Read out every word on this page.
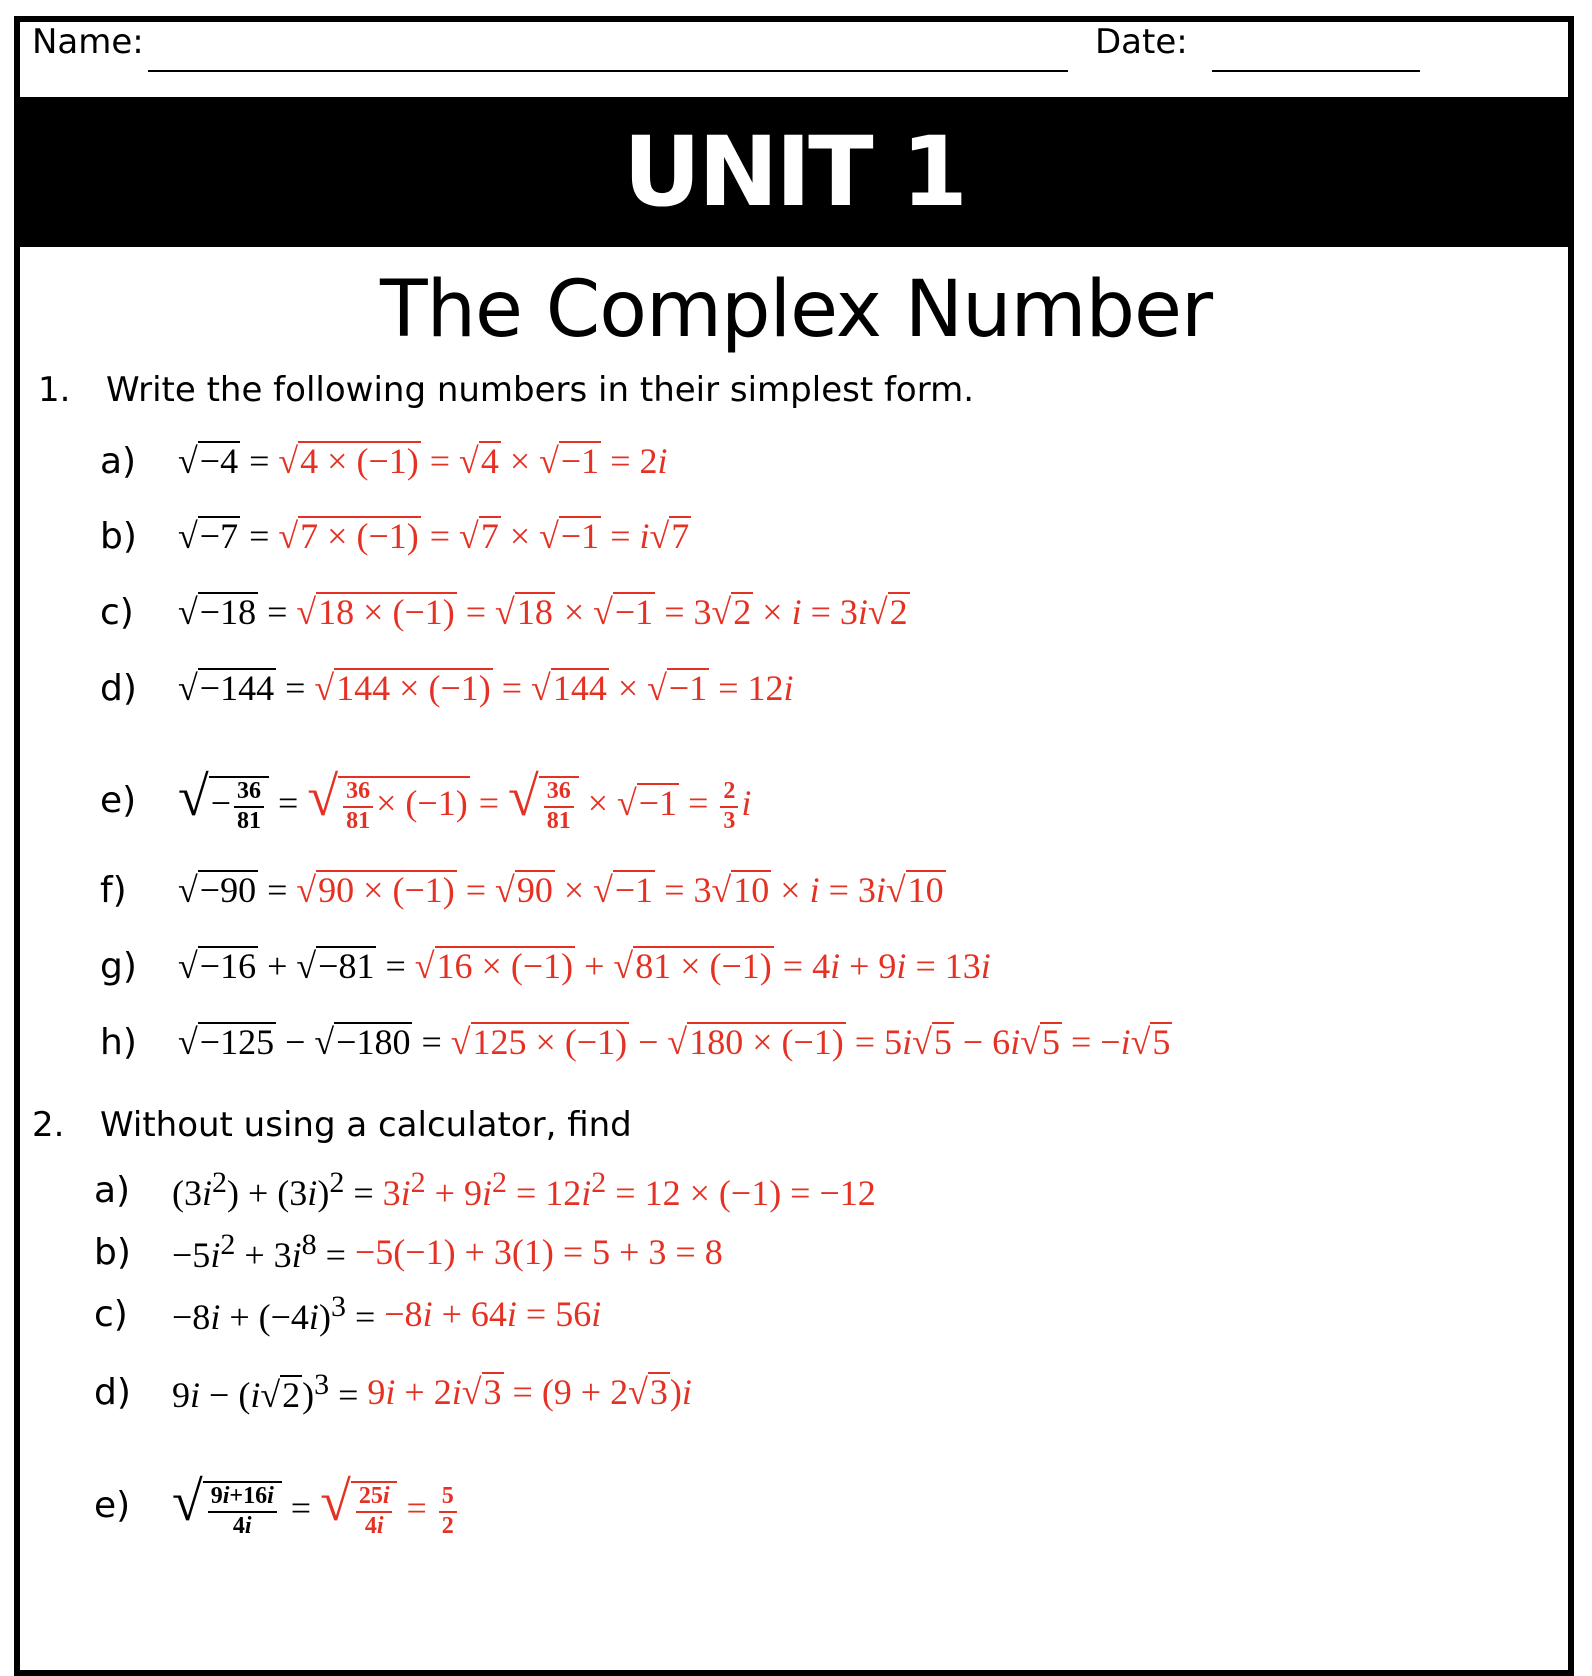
Name:	Date:
UNIT 1
The Complex Number
1. Write the following numbers in their simplest form.
a)	√−4 = √4 × (−1) = √4 × √−1 = 2i
b)	√−7 = √7 × (−1) = √7 × √−1 = i√7
c)	√−18 = √18 × (−1) = √18 × √−1 = 3√2 × i = 3i√2
d)	√−144 = √144 × (−1) = √144 × √−1 = 12i
e) √− $\frac{36}{81}$ = √ $\frac{36}{81} \times (-1)$ = √ $\frac{36}{81} \times √-1 = \frac{2}{3}$ i
f)	√−90 = √90 × (−1) = √90 × √−1 = 3√10 × i = 3i√10
g)	√−16 + √−81 = √16 × (−1) + √81 × (−1) = 4i + 9i = 13i
h)	√−125 − √−180 = √125 × (−1) − √180 × (−1) = 5i√5 − 6i√5 = −i√5
2. Without using a calculator, find
a)	$(3i^2) + (3i)^2 = 3i^2 + 9i^2 = 12i^2 = 12 \times (-1) = -12$
b)	$-5i^2 + 3i^8 = -5(-1) + 3(1) = 5 + 3 = 8$
c)	$-8i + (-4i)^3 = -8i + 64i = 56i$
d)	$9i - (i√2)^3 = 9i + 2i√3 = (9 + 2√3)i$
e) √ $\frac{9i+16i}{4i}$ = √ $\frac{25i}{4i} = \frac{5}{2}$
